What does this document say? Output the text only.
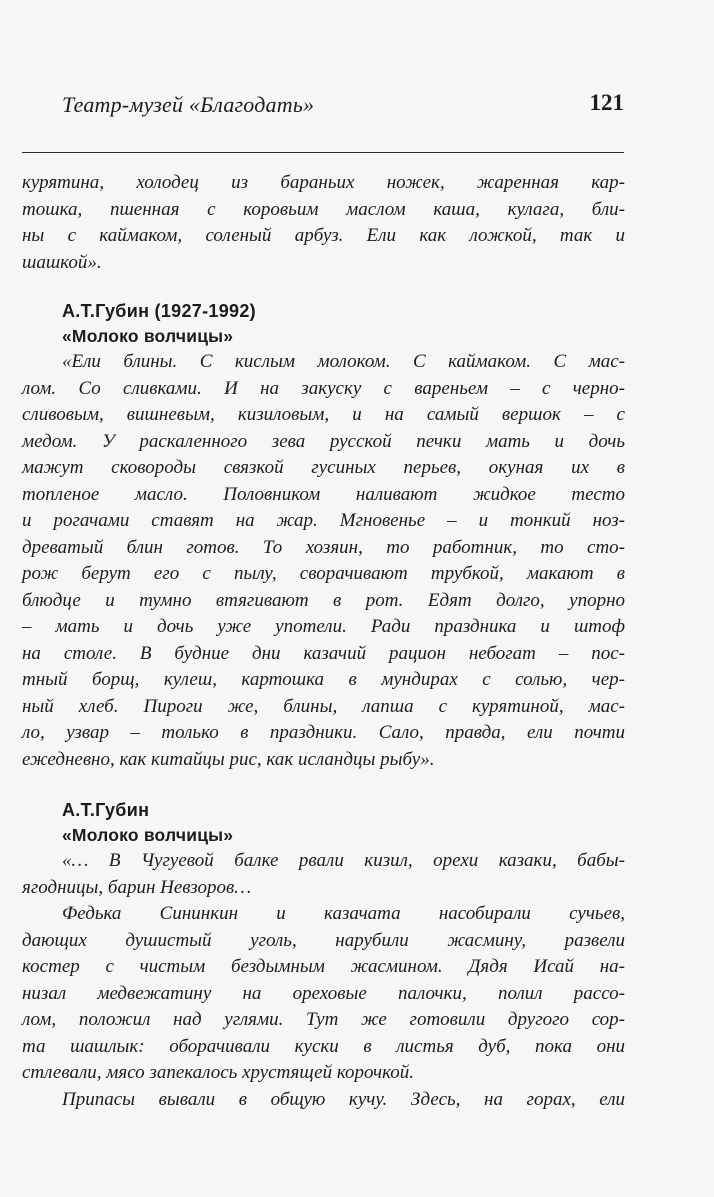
Театр-музей «Благодать»	121
курятина, холодец из бараньих ножек, жаренная кар-
тошка, пшенная с коровьим маслом каша, кулага, бли-
ны с каймаком, соленый арбуз. Ели как ложкой, так и
шашкой».
А.Т.Губин (1927-1992)
«Молоко волчицы»
«Ели блины. С кислым молоком. С каймаком. С мас-
лом. Со сливками. И на закуску с вареньем – с черно-
сливовым, вишневым, кизиловым, и на самый вершок – с
медом. У раскаленного зева русской печки мать и дочь
мажут сковороды связкой гусиных перьев, окуная их в
топленое масло. Половником наливают жидкое тесто
и рогачами ставят на жар. Мгновенье – и тонкий ноз-
древатый блин готов. То хозяин, то работник, то сто-
рож берут его с пылу, сворачивают трубкой, макают в
блюдце и тумно втягивают в рот. Едят долго, упорно
– мать и дочь уже употели. Ради праздника и штоф
на столе. В будние дни казачий рацион небогат – пос-
тный борщ, кулеш, картошка в мундирах с солью, чер-
ный хлеб. Пироги же, блины, лапша с курятиной, мас-
ло, узвар – только в праздники. Сало, правда, ели почти
ежедневно, как китайцы рис, как исландцы рыбу».
А.Т.Губин
«Молоко волчицы»
«… В Чугуевой балке рвали кизил, орехи казаки, бабы-
ягодницы, барин Невзоров…
Федька Сининкин и казачата насобирали сучьев,
дающих душистый уголь, нарубили жасмину, развели
костер с чистым бездымным жасмином. Дядя Исай на-
низал медвежатину на ореховые палочки, полил рассо-
лом, положил над углями. Тут же готовили другого сор-
та шашлык: оборачивали куски в листья дуб, пока они
стлевали, мясо запекалось хрустящей корочкой.
Припасы вывали в общую кучу. Здесь, на горах, ели
